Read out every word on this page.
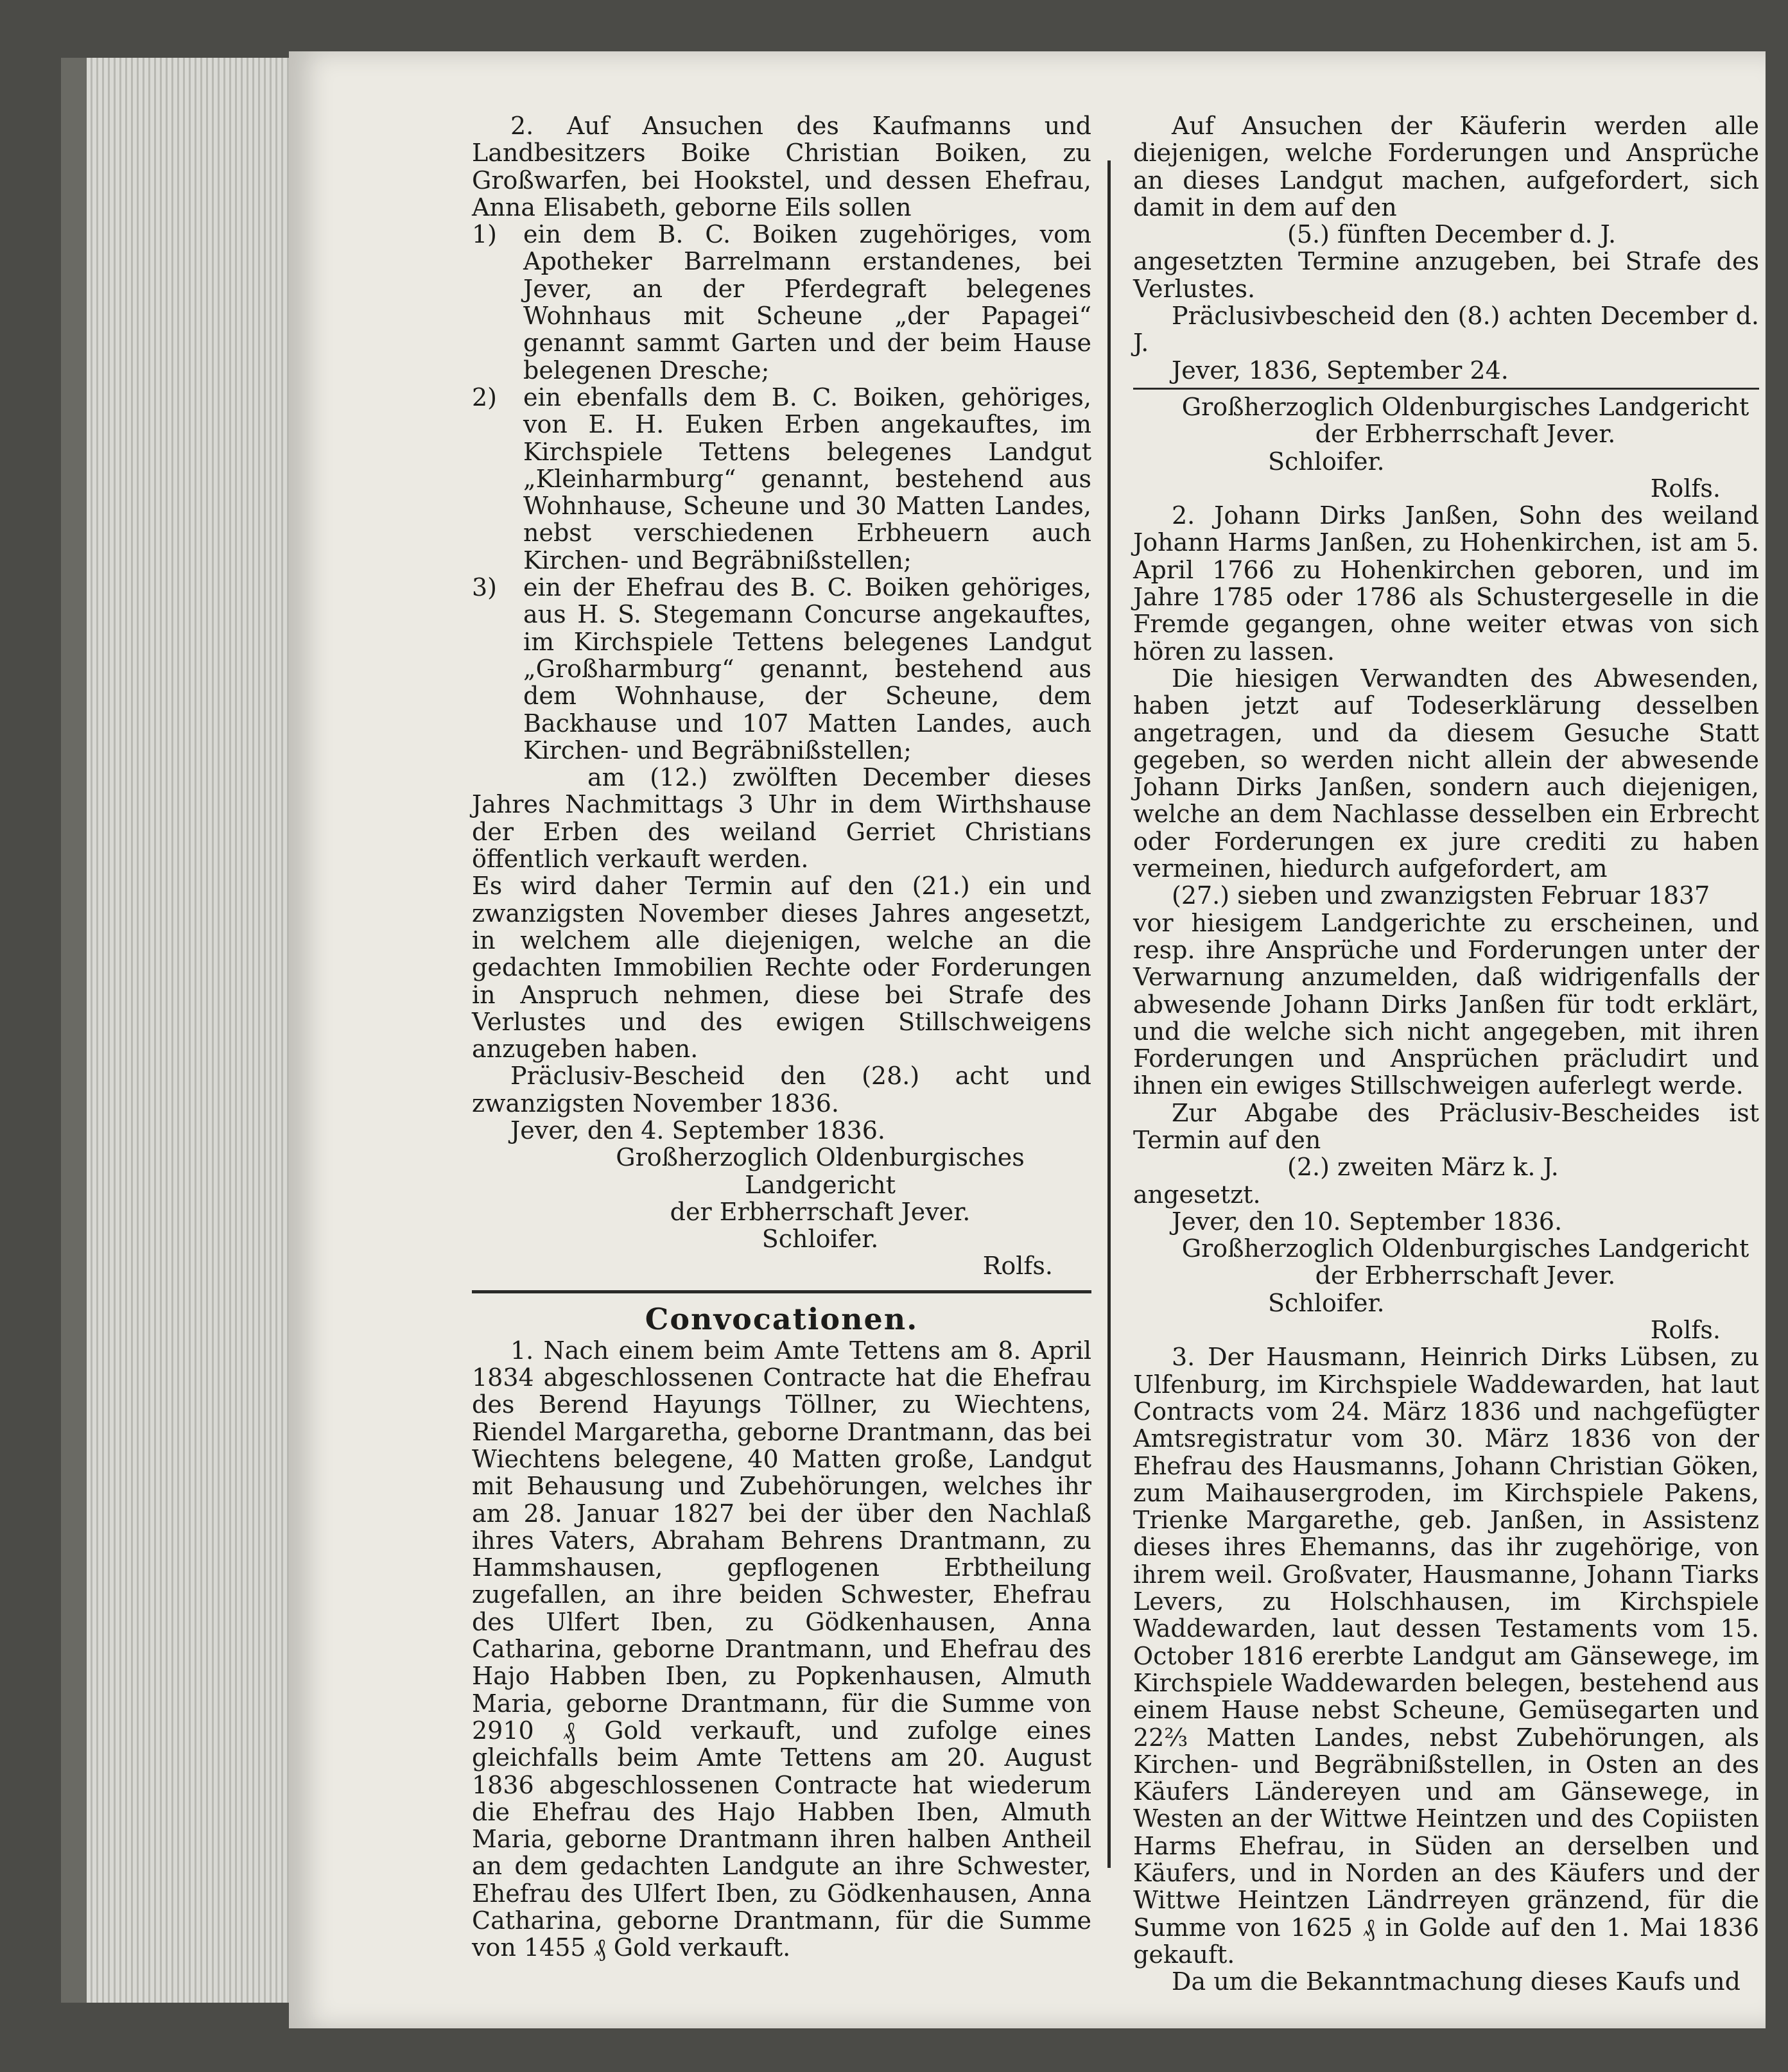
2. Auf Ansuchen des Kaufmanns und Landbesitzers Boike Christian Boiken, zu Großwarfen, bei Hookstel, und dessen Ehefrau, Anna Elisabeth, geborne Eils sollen

1)	ein dem B. C. Boiken zugehöriges, vom Apotheker Barrelmann erstandenes, bei Jever, an der Pferdegraft belegenes Wohnhaus mit Scheune „der Papagei“ genannt sammt Garten und der beim Hause belegenen Dresche;
2)	ein ebenfalls dem B. C. Boiken, gehöriges, von E. H. Euken Erben angekauftes, im Kirchspiele Tettens belegenes Landgut „Kleinharmburg“ genannt, bestehend aus Wohnhause, Scheune und 30 Matten Landes, nebst verschiedenen Erbheuern auch Kirchen- und Begräbnißstellen;
3)	ein der Ehefrau des B. C. Boiken gehöriges, aus H. S. Stegemann Concurse angekauftes, im Kirchspiele Tettens belegenes Landgut „Großharmburg“ genannt, bestehend aus dem Wohnhause, der Scheune, dem Backhause und 107 Matten Landes, auch Kirchen- und Begräbnißstellen;

am (12.) zwölften December dieses Jahres Nachmittags 3 Uhr in dem Wirthshause der Erben des weiland Gerriet Christians öffentlich verkauft werden.

Es wird daher Termin auf den (21.) ein und zwanzigsten November dieses Jahres angesetzt, in welchem alle diejenigen, welche an die gedachten Immobilien Rechte oder Forderungen in Anspruch nehmen, diese bei Strafe des Verlustes und des ewigen Stillschweigens anzugeben haben.

Präclusiv-Bescheid den (28.) acht und zwanzigsten November 1836.

Jever, den 4. September 1836.

Großherzoglich Oldenburgisches Landgericht

der Erbherrschaft Jever.

Schloifer.

Rolfs.

Convocationen.

1. Nach einem beim Amte Tettens am 8. April 1834 abgeschlossenen Contracte hat die Ehefrau des Berend Hayungs Töllner, zu Wiechtens, Riendel Margaretha, geborne Drantmann, das bei Wiechtens belegene, 40 Matten große, Landgut mit Behausung und Zubehörungen, welches ihr am 28. Januar 1827 bei der über den Nachlaß ihres Vaters, Abraham Behrens Drantmann, zu Hammshausen, gepflogenen Erbtheilung zugefallen, an ihre beiden Schwester, Ehefrau des Ulfert Iben, zu Gödkenhausen, Anna Catharina, geborne Drantmann, und Ehefrau des Hajo Habben Iben, zu Popkenhausen, Almuth Maria, geborne Drantmann, für die Summe von 2910 ₰ Gold verkauft, und zufolge eines gleichfalls beim Amte Tettens am 20. August 1836 abgeschlossenen Contracte hat wiederum die Ehefrau des Hajo Habben Iben, Almuth Maria, geborne Drantmann ihren halben Antheil an dem gedachten Landgute an ihre Schwester, Ehefrau des Ulfert Iben, zu Gödkenhausen, Anna Catharina, geborne Drantmann, für die Summe von 1455 ₰ Gold verkauft.

Auf Ansuchen der Käuferin werden alle diejenigen, welche Forderungen und Ansprüche an dieses Landgut machen, aufgefordert, sich damit in dem auf den

(5.) fünften December d. J.

angesetzten Termine anzugeben, bei Strafe des Verlustes.

Präclusivbescheid den (8.) achten December d. J.

Jever, 1836, September 24.

Großherzoglich Oldenburgisches Landgericht

der Erbherrschaft Jever.

Schloifer.

Rolfs.

2. Johann Dirks Janßen, Sohn des weiland Johann Harms Janßen, zu Hohenkirchen, ist am 5. April 1766 zu Hohenkirchen geboren, und im Jahre 1785 oder 1786 als Schustergeselle in die Fremde gegangen, ohne weiter etwas von sich hören zu lassen.

Die hiesigen Verwandten des Abwesenden, haben jetzt auf Todeserklärung desselben angetragen, und da diesem Gesuche Statt gegeben, so werden nicht allein der abwesende Johann Dirks Janßen, sondern auch diejenigen, welche an dem Nachlasse desselben ein Erbrecht oder Forderungen ex jure crediti zu haben vermeinen, hiedurch aufgefordert, am

(27.) sieben und zwanzigsten Februar 1837

vor hiesigem Landgerichte zu erscheinen, und resp. ihre Ansprüche und Forderungen unter der Verwarnung anzumelden, daß widrigenfalls der abwesende Johann Dirks Janßen für todt erklärt, und die welche sich nicht angegeben, mit ihren Forderungen und Ansprüchen präcludirt und ihnen ein ewiges Stillschweigen auferlegt werde.

Zur Abgabe des Präclusiv-Bescheides ist Termin auf den

(2.) zweiten März k. J.

angesetzt.

Jever, den 10. September 1836.

Großherzoglich Oldenburgisches Landgericht

der Erbherrschaft Jever.

Schloifer.

Rolfs.

3. Der Hausmann, Heinrich Dirks Lübsen, zu Ulfenburg, im Kirchspiele Waddewarden, hat laut Contracts vom 24. März 1836 und nachgefügter Amtsregistratur vom 30. März 1836 von der Ehefrau des Hausmanns, Johann Christian Göken, zum Maihausergroden, im Kirchspiele Pakens, Trienke Margarethe, geb. Janßen, in Assistenz dieses ihres Ehemanns, das ihr zugehörige, von ihrem weil. Großvater, Hausmanne, Johann Tiarks Levers, zu Holschhausen, im Kirchspiele Waddewarden, laut dessen Testaments vom 15. October 1816 ererbte Landgut am Gänsewege, im Kirchspiele Waddewarden belegen, bestehend aus einem Hause nebst Scheune, Gemüsegarten und 22⅔ Matten Landes, nebst Zubehörungen, als Kirchen- und Begräbnißstellen, in Osten an des Käufers Ländereyen und am Gänsewege, in Westen an der Wittwe Heintzen und des Copiisten Harms Ehefrau, in Süden an derselben und Käufers, und in Norden an des Käufers und der Wittwe Heintzen Ländrreyen gränzend, für die Summe von 1625 ₰ in Golde auf den 1. Mai 1836 gekauft.

Da um die Bekanntmachung dieses Kaufs und
